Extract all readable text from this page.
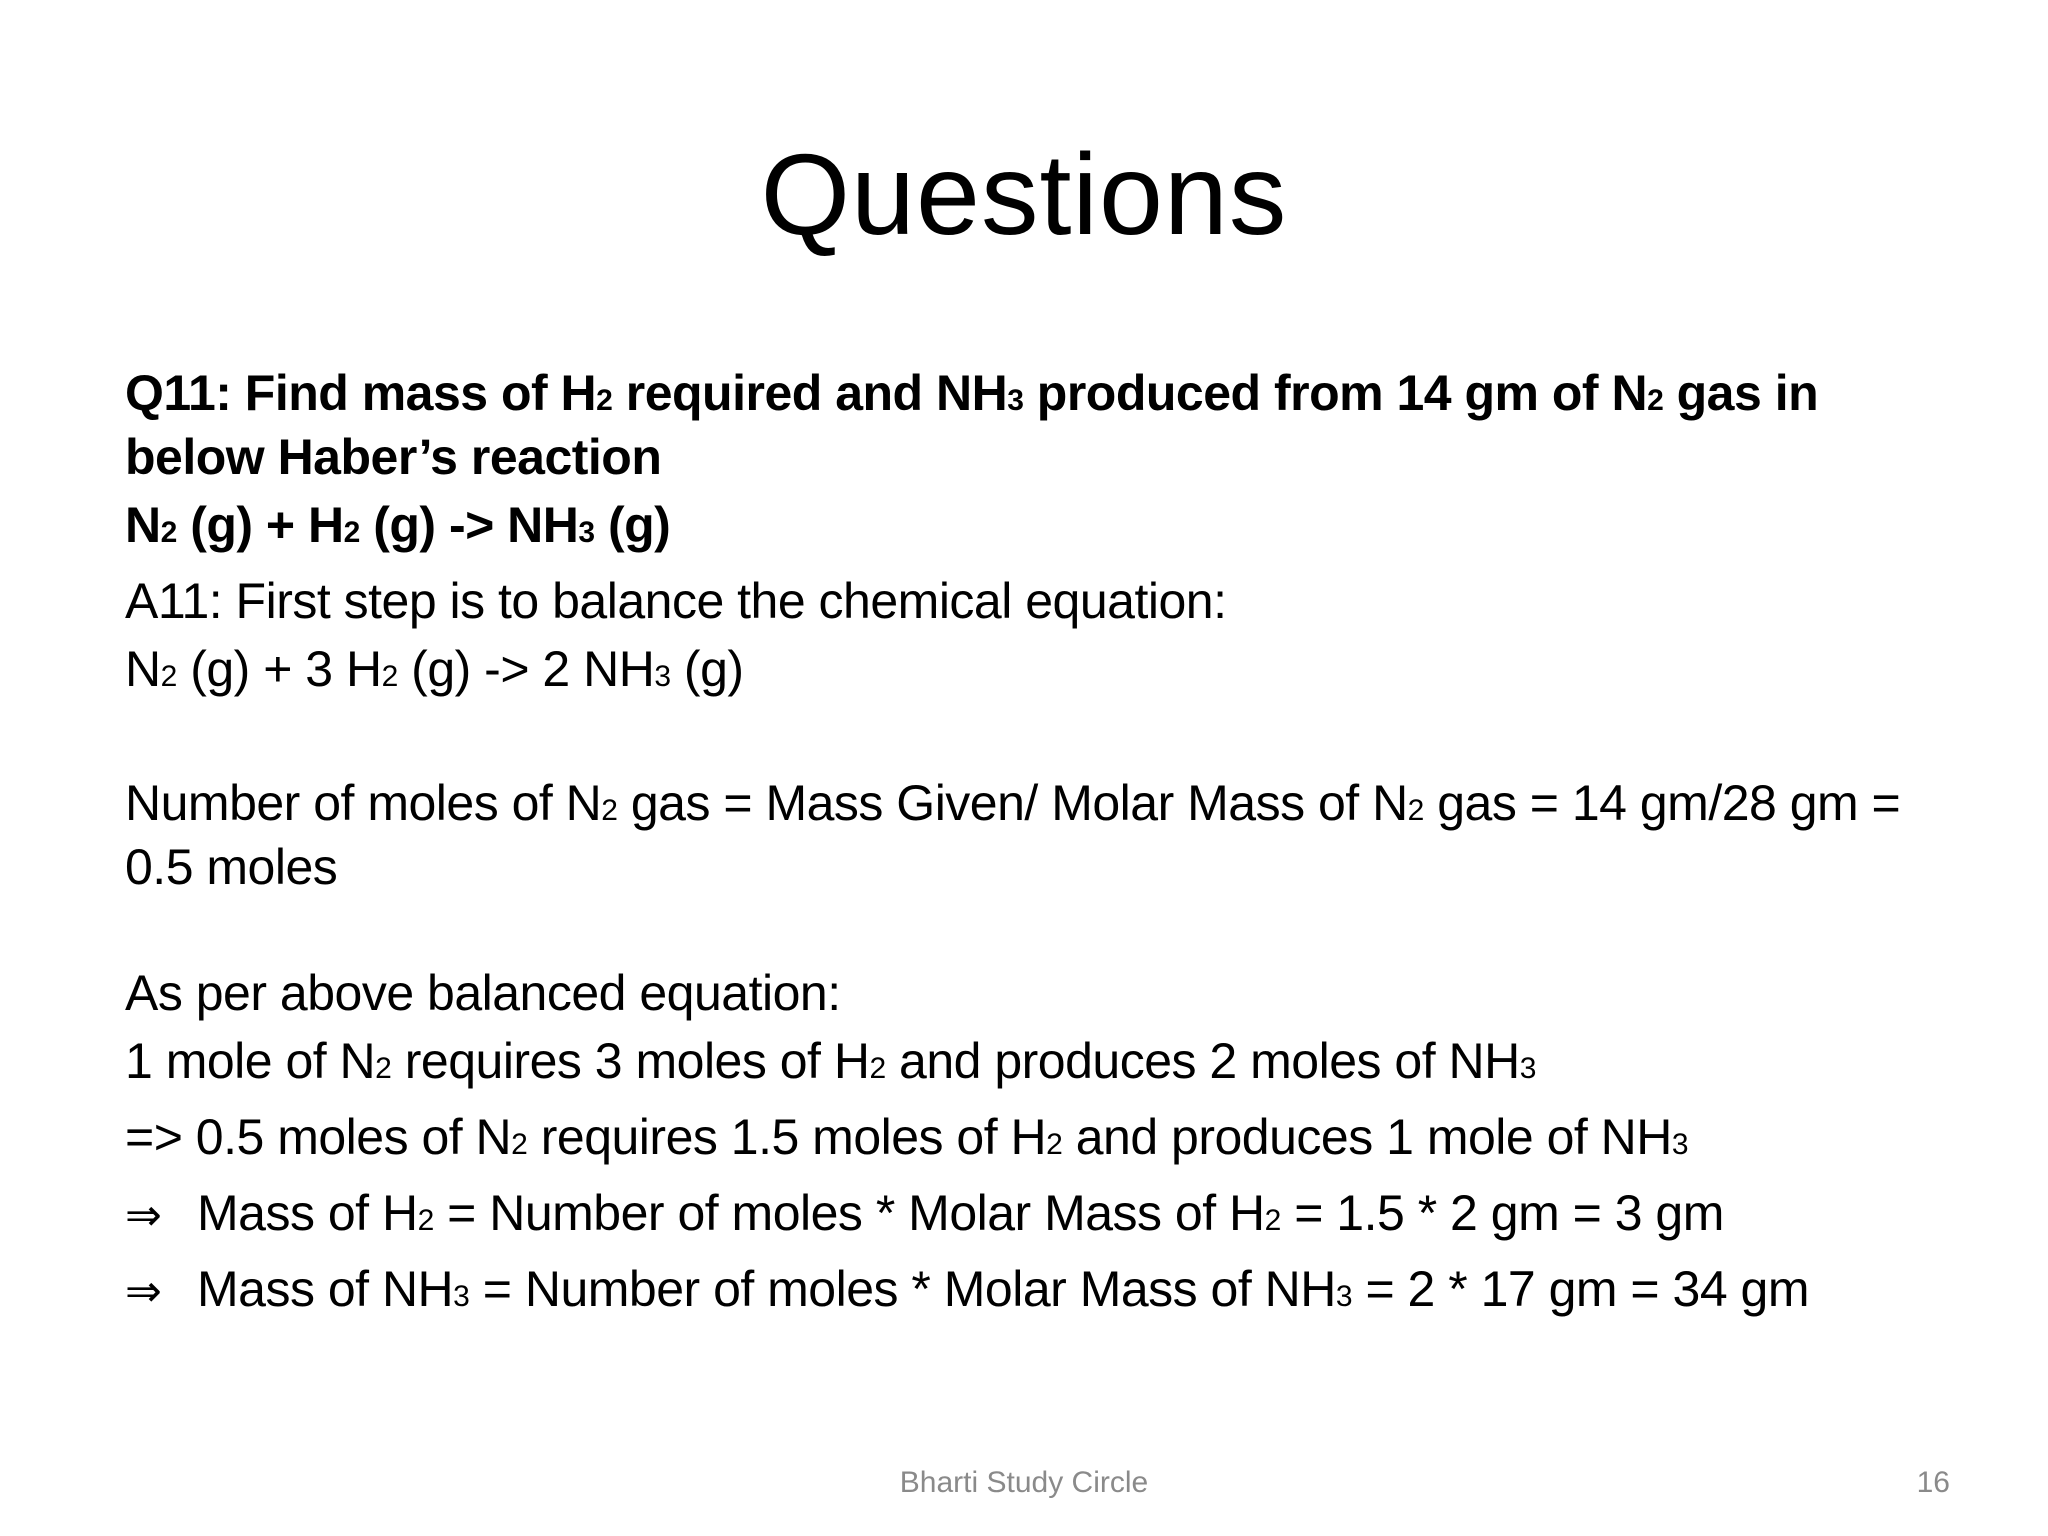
Questions
Q11: Find mass of H2 required and NH3 produced from 14 gm of N2 gas in below Haber’s reaction
N2 (g) + H2 (g) -> NH3 (g)
A11: First step is to balance the chemical equation:
N2 (g) + 3 H2 (g) -> 2 NH3 (g)
Number of moles of N2 gas = Mass Given/ Molar Mass of N2 gas = 14 gm/28 gm = 0.5 moles
As per above balanced equation:
1 mole of N2 requires 3 moles of H2 and produces 2 moles of NH3
=> 0.5 moles of N2 requires 1.5 moles of H2 and produces 1 mole of NH3
⇒ Mass of H2 = Number of moles * Molar Mass of H2 = 1.5 * 2 gm = 3 gm
⇒ Mass of NH3 = Number of moles * Molar Mass of NH3 = 2 * 17 gm = 34 gm
Bharti Study Circle	16
